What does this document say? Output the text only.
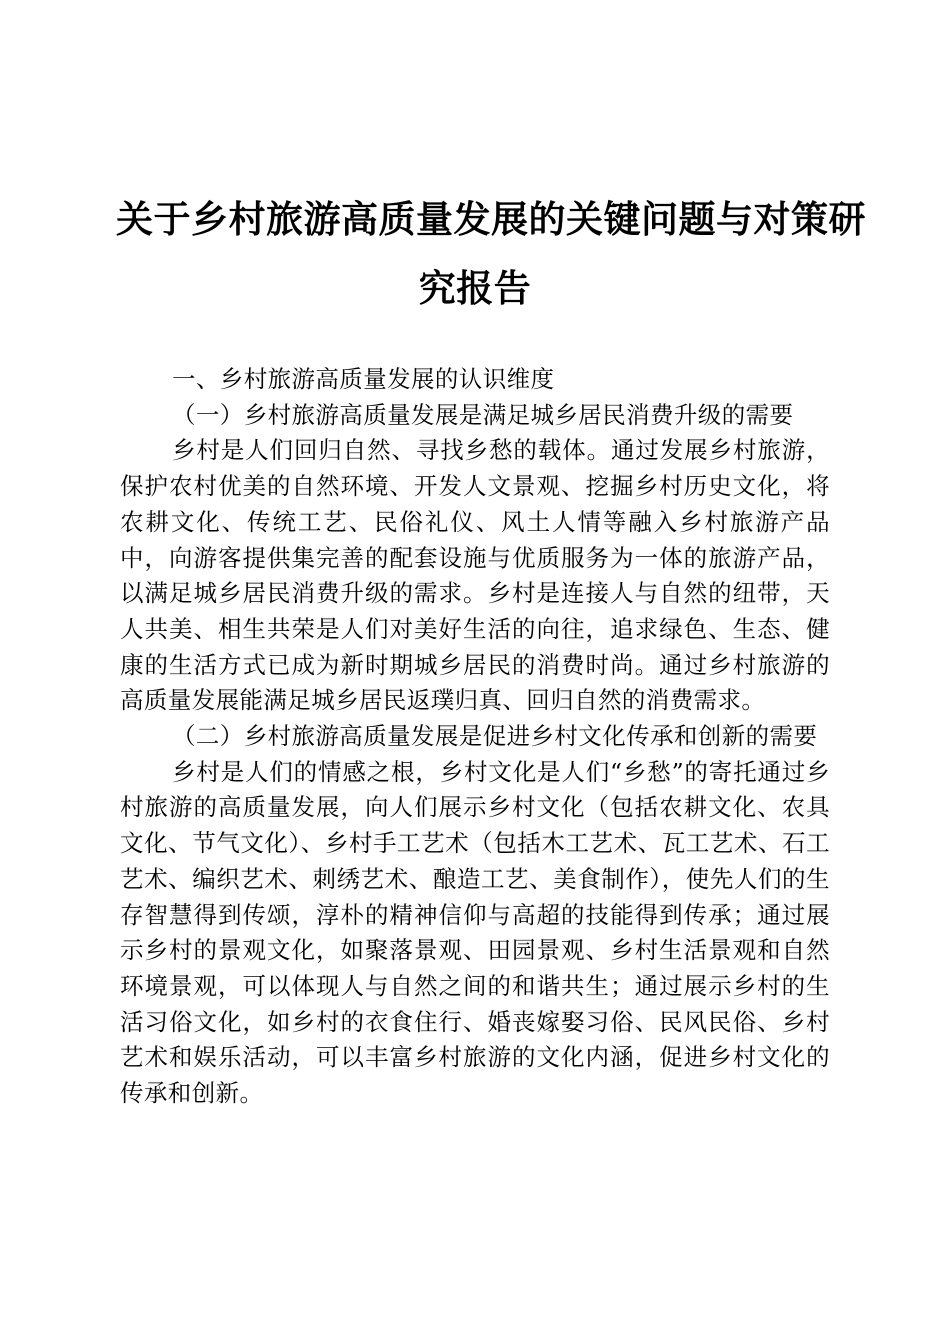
关于乡村旅游高质量发展的关键问题与对策研
究报告

一、乡村旅游高质量发展的认识维度

（一）乡村旅游高质量发展是满足城乡居民消费升级的需要

乡村是人们回归自然、寻找乡愁的载体。通过发展乡村旅游，保护农村优美的自然环境、开发人文景观、挖掘乡村历史文化，将农耕文化、传统工艺、民俗礼仪、风土人情等融入乡村旅游产品中，向游客提供集完善的配套设施与优质服务为一体的旅游产品，以满足城乡居民消费升级的需求。乡村是连接人与自然的纽带，天人共美、相生共荣是人们对美好生活的向往，追求绿色、生态、健康的生活方式已成为新时期城乡居民的消费时尚。通过乡村旅游的高质量发展能满足城乡居民返璞归真、回归自然的消费需求。

（二）乡村旅游高质量发展是促进乡村文化传承和创新的需要

乡村是人们的情感之根，乡村文化是人们“乡愁”的寄托通过乡村旅游的高质量发展，向人们展示乡村文化（包括农耕文化、农具文化、节气文化）、乡村手工艺术（包括木工艺术、瓦工艺术、石工艺术、编织艺术、刺绣艺术、酿造工艺、美食制作），使先人们的生存智慧得到传颂，淳朴的精神信仰与高超的技能得到传承；通过展示乡村的景观文化，如聚落景观、田园景观、乡村生活景观和自然环境景观，可以体现人与自然之间的和谐共生；通过展示乡村的生活习俗文化，如乡村的衣食住行、婚丧嫁娶习俗、民风民俗、乡村艺术和娱乐活动，可以丰富乡村旅游的文化内涵，促进乡村文化的传承和创新。
